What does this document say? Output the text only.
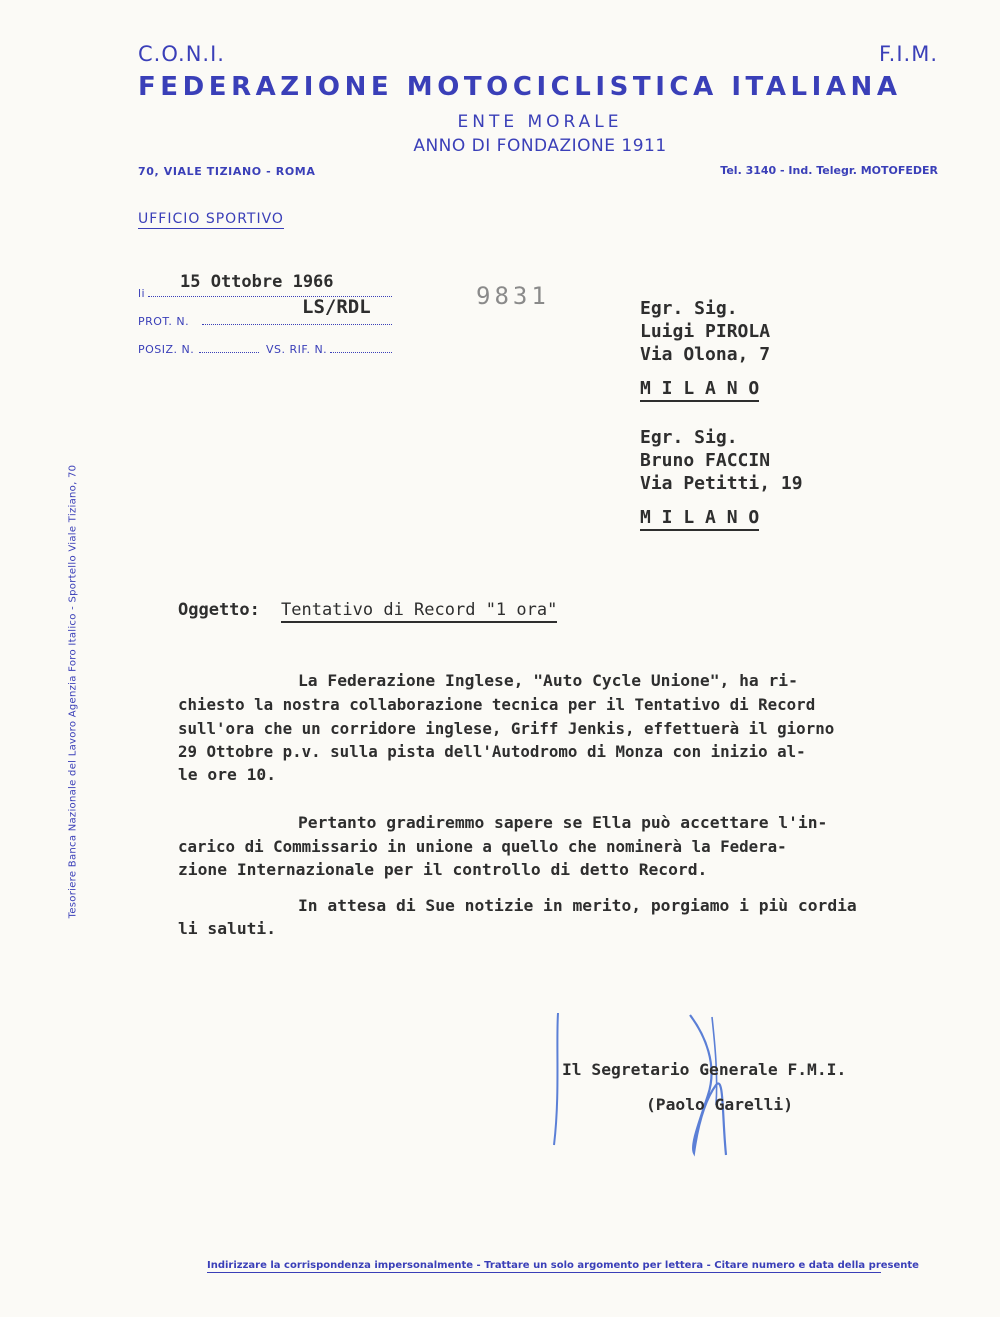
C.O.N.I.	F.I.M.
FEDERAZIONE MOTOCICLISTICA ITALIANA
ENTE MORALE
ANNO DI FONDAZIONE 1911
70, VIALE TIZIANO - ROMA	Tel. 3140 - Ind. Telegr. MOTOFEDER
UFFICIO SPORTIVO
Tesoriere Banca Nazionale del Lavoro Agenzia Foro Italico - Sportello Viale Tiziano, 70
li
15 Ottobre 1966
PROT. N.
LS/RDL	9831
POSIZ. N.	VS. RIF. N.
Egr. Sig.
Luigi PIROLA
Via Olona, 7
M I L A N O
Egr. Sig.
Bruno FACCIN
Via Petitti, 19
M I L A N O
Oggetto: Tentativo di Record "1 ora"
La Federazione Inglese, "Auto Cycle Unione", ha ri-
chiesto la nostra collaborazione tecnica per il Tentativo di Record
sull'ora che un corridore inglese, Griff Jenkis, effettuerà il giorno
29 Ottobre p.v. sulla pista dell'Autodromo di Monza con inizio al-
le ore 10.
Pertanto gradiremmo sapere se Ella può accettare l'in-
carico di Commissario in unione a quello che nominerà la Federa-
zione Internazionale per il controllo di detto Record.
In attesa di Sue notizie in merito, porgiamo i più cordia
li saluti.
Il Segretario Generale F.M.I.
(Paolo Garelli)
Indirizzare la corrispondenza impersonalmente - Trattare un solo argomento per lettera - Citare numero e data della presente
